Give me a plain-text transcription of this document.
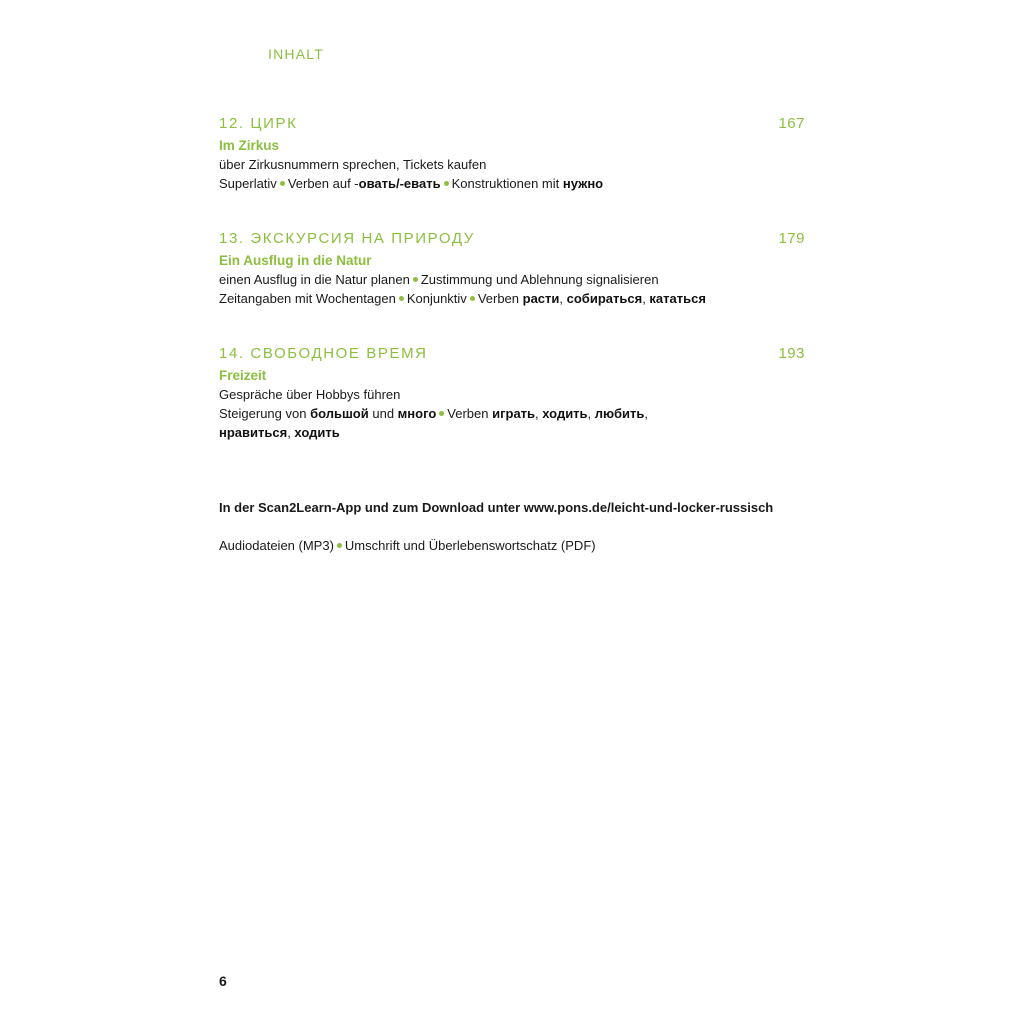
INHALT
12. ЦИРК	167
Im Zirkus
über Zirkusnummern sprechen, Tickets kaufen
Superlativ Verben auf -овать/-евать Konstruktionen mit нужно
13. ЭКСКУРСИЯ НА ПРИРОДУ	179
Ein Ausflug in die Natur
einen Ausflug in die Natur planen Zustimmung und Ablehnung signalisieren
Zeitangaben mit Wochentagen Konjunktiv Verben расти, собираться, кататься
14. СВОБОДНОЕ ВРЕМЯ	193
Freizeit
Gespräche über Hobbys führen
Steigerung von большой und много Verben играть, ходить, любить,
нравиться, ходить
In der Scan2Learn-App und zum Download unter www.pons.de/leicht-und-locker-russisch
Audiodateien (MP3) Umschrift und Überlebenswortschatz (PDF)
6
